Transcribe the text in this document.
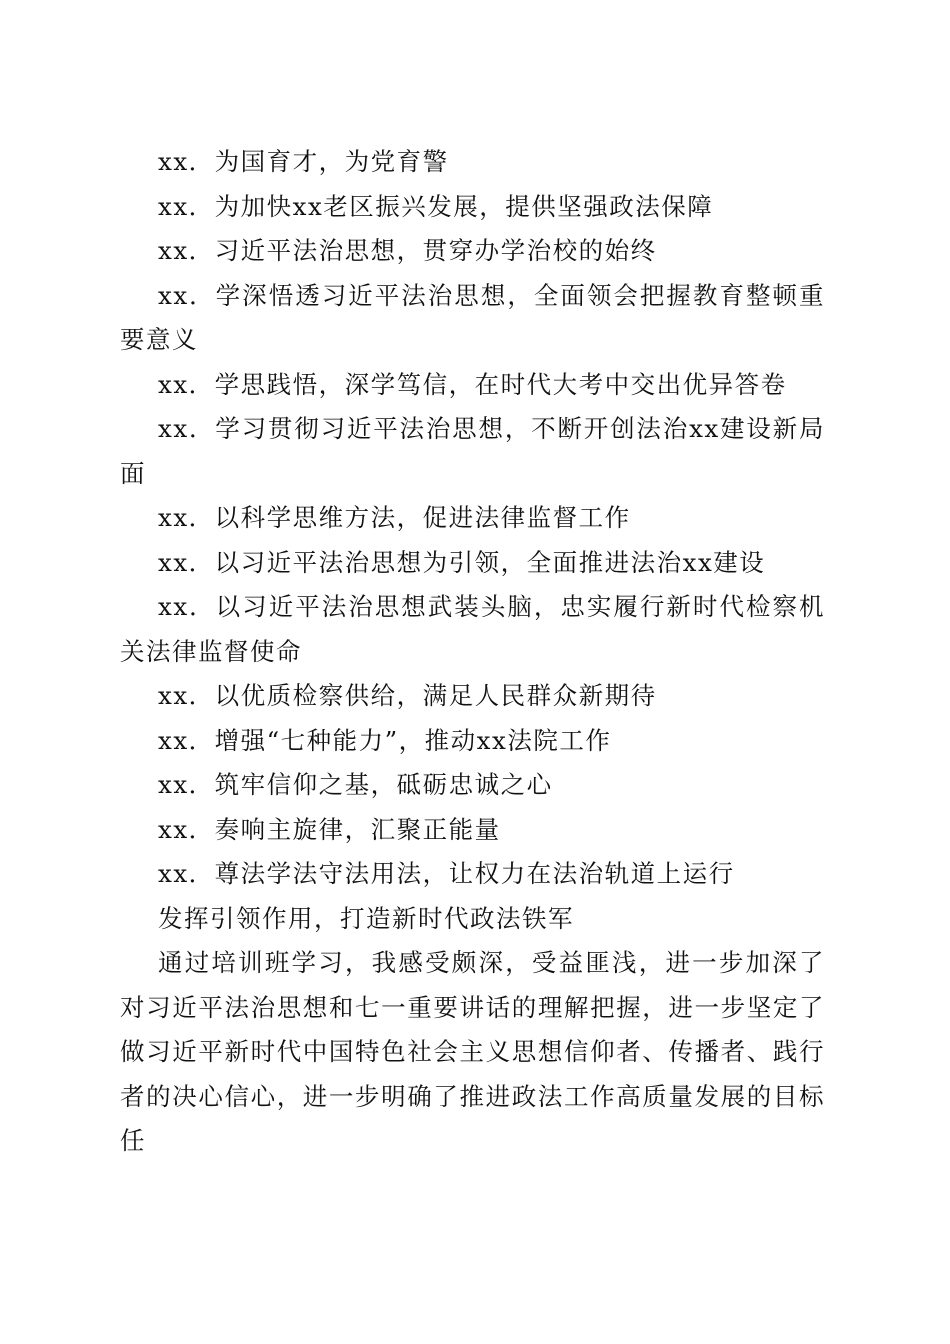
xx．为国育才，为党育警

xx．为加快xx老区振兴发展，提供坚强政法保障

xx．习近平法治思想，贯穿办学治校的始终

xx．学深悟透习近平法治思想，全面领会把握教育整顿重要意义

xx．学思践悟，深学笃信，在时代大考中交出优异答卷

xx．学习贯彻习近平法治思想，不断开创法治xx建设新局面

xx．以科学思维方法，促进法律监督工作

xx．以习近平法治思想为引领，全面推进法治xx建设

xx．以习近平法治思想武装头脑，忠实履行新时代检察机关法律监督使命

xx．以优质检察供给，满足人民群众新期待

xx．增强“七种能力”，推动xx法院工作

xx．筑牢信仰之基，砥砺忠诚之心

xx．奏响主旋律，汇聚正能量

xx．尊法学法守法用法，让权力在法治轨道上运行

发挥引领作用，打造新时代政法铁军

通过培训班学习，我感受颇深，受益匪浅，进一步加深了对习近平法治思想和七一重要讲话的理解把握，进一步坚定了做习近平新时代中国特色社会主义思想信仰者、传播者、践行者的决心信心，进一步明确了推进政法工作高质量发展的目标任
